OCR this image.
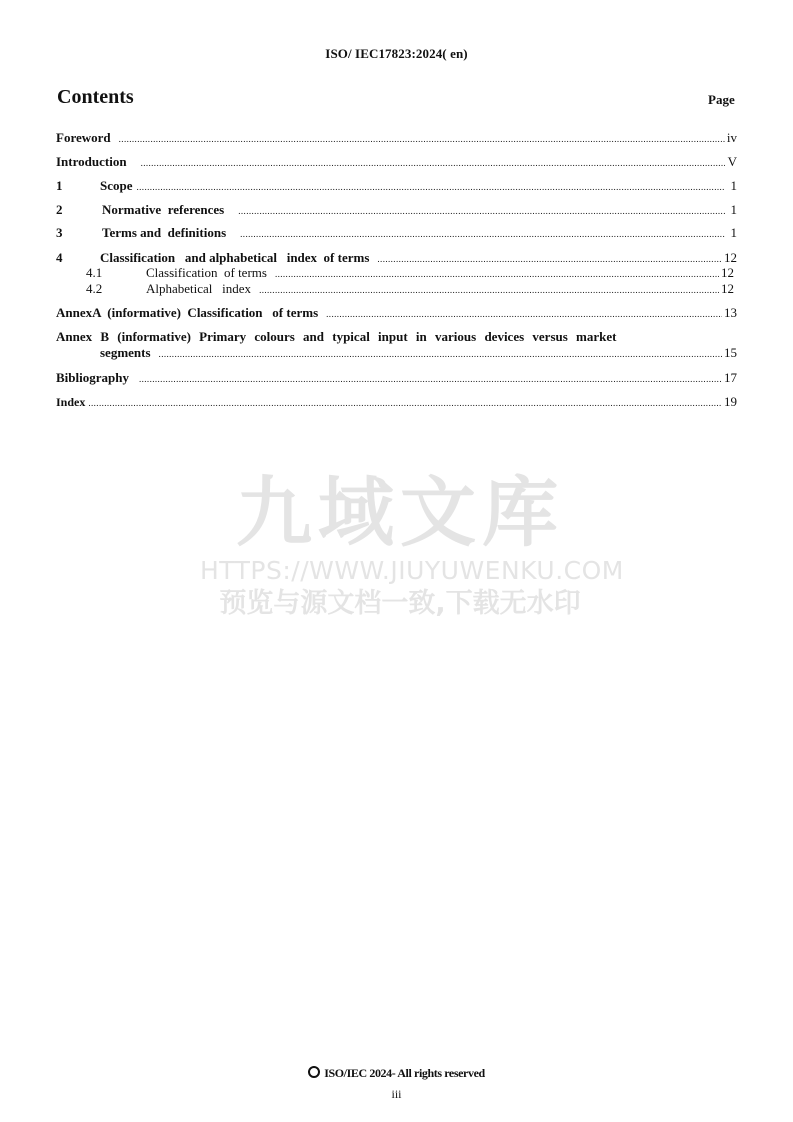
ISO/ IEC17823:2024( en)
Contents	Page
Foreword .....	iv
Introduction .....	V
1	Scope .....	1
2	Normative  references .....	1
3	Terms and  definitions .....	1
4	Classification   and alphabetical   index  of terms .....	12
4.1	Classification  of terms .....	12
4.2	Alphabetical   index .....	12
AnnexA  (informative)  Classification   of terms .....	13
Annex B (informative) Primary colours and typical input in various devices versus market
segments .....	15
Bibliography .....	17
Index .....	19
九域文库
HTTPS://WWW.JIUYUWENKU.COM
预览与源文档一致,下载无水印
ISO/IEC 2024- All rights reserved
iii
